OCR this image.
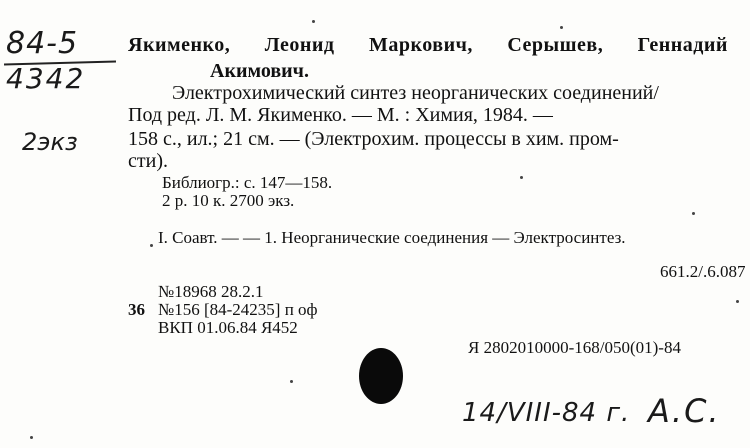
84-5
4342
2экз
Якименко, Леонид Маркович, Серышев, Геннадий
Акимович.
Электрохимический синтез неорганических соединений/
Под ред. Л. М. Якименко. — М. : Химия, 1984. —
158 с., ил.; 21 см. — (Электрохим. процессы в хим. пром-
сти).
Библиогр.: с. 147—158.
2 р. 10 к. 2700 экз.
I. Соавт. — — 1. Неорганические соединения — Электросинтез.
661.2/.6.087
№18968 28.2.1
36 №156 [84-24235] п оф
ВКП 01.06.84 Я452
Я 2802010000-168/050(01)-84
14/VIII-84 г. А.С.
